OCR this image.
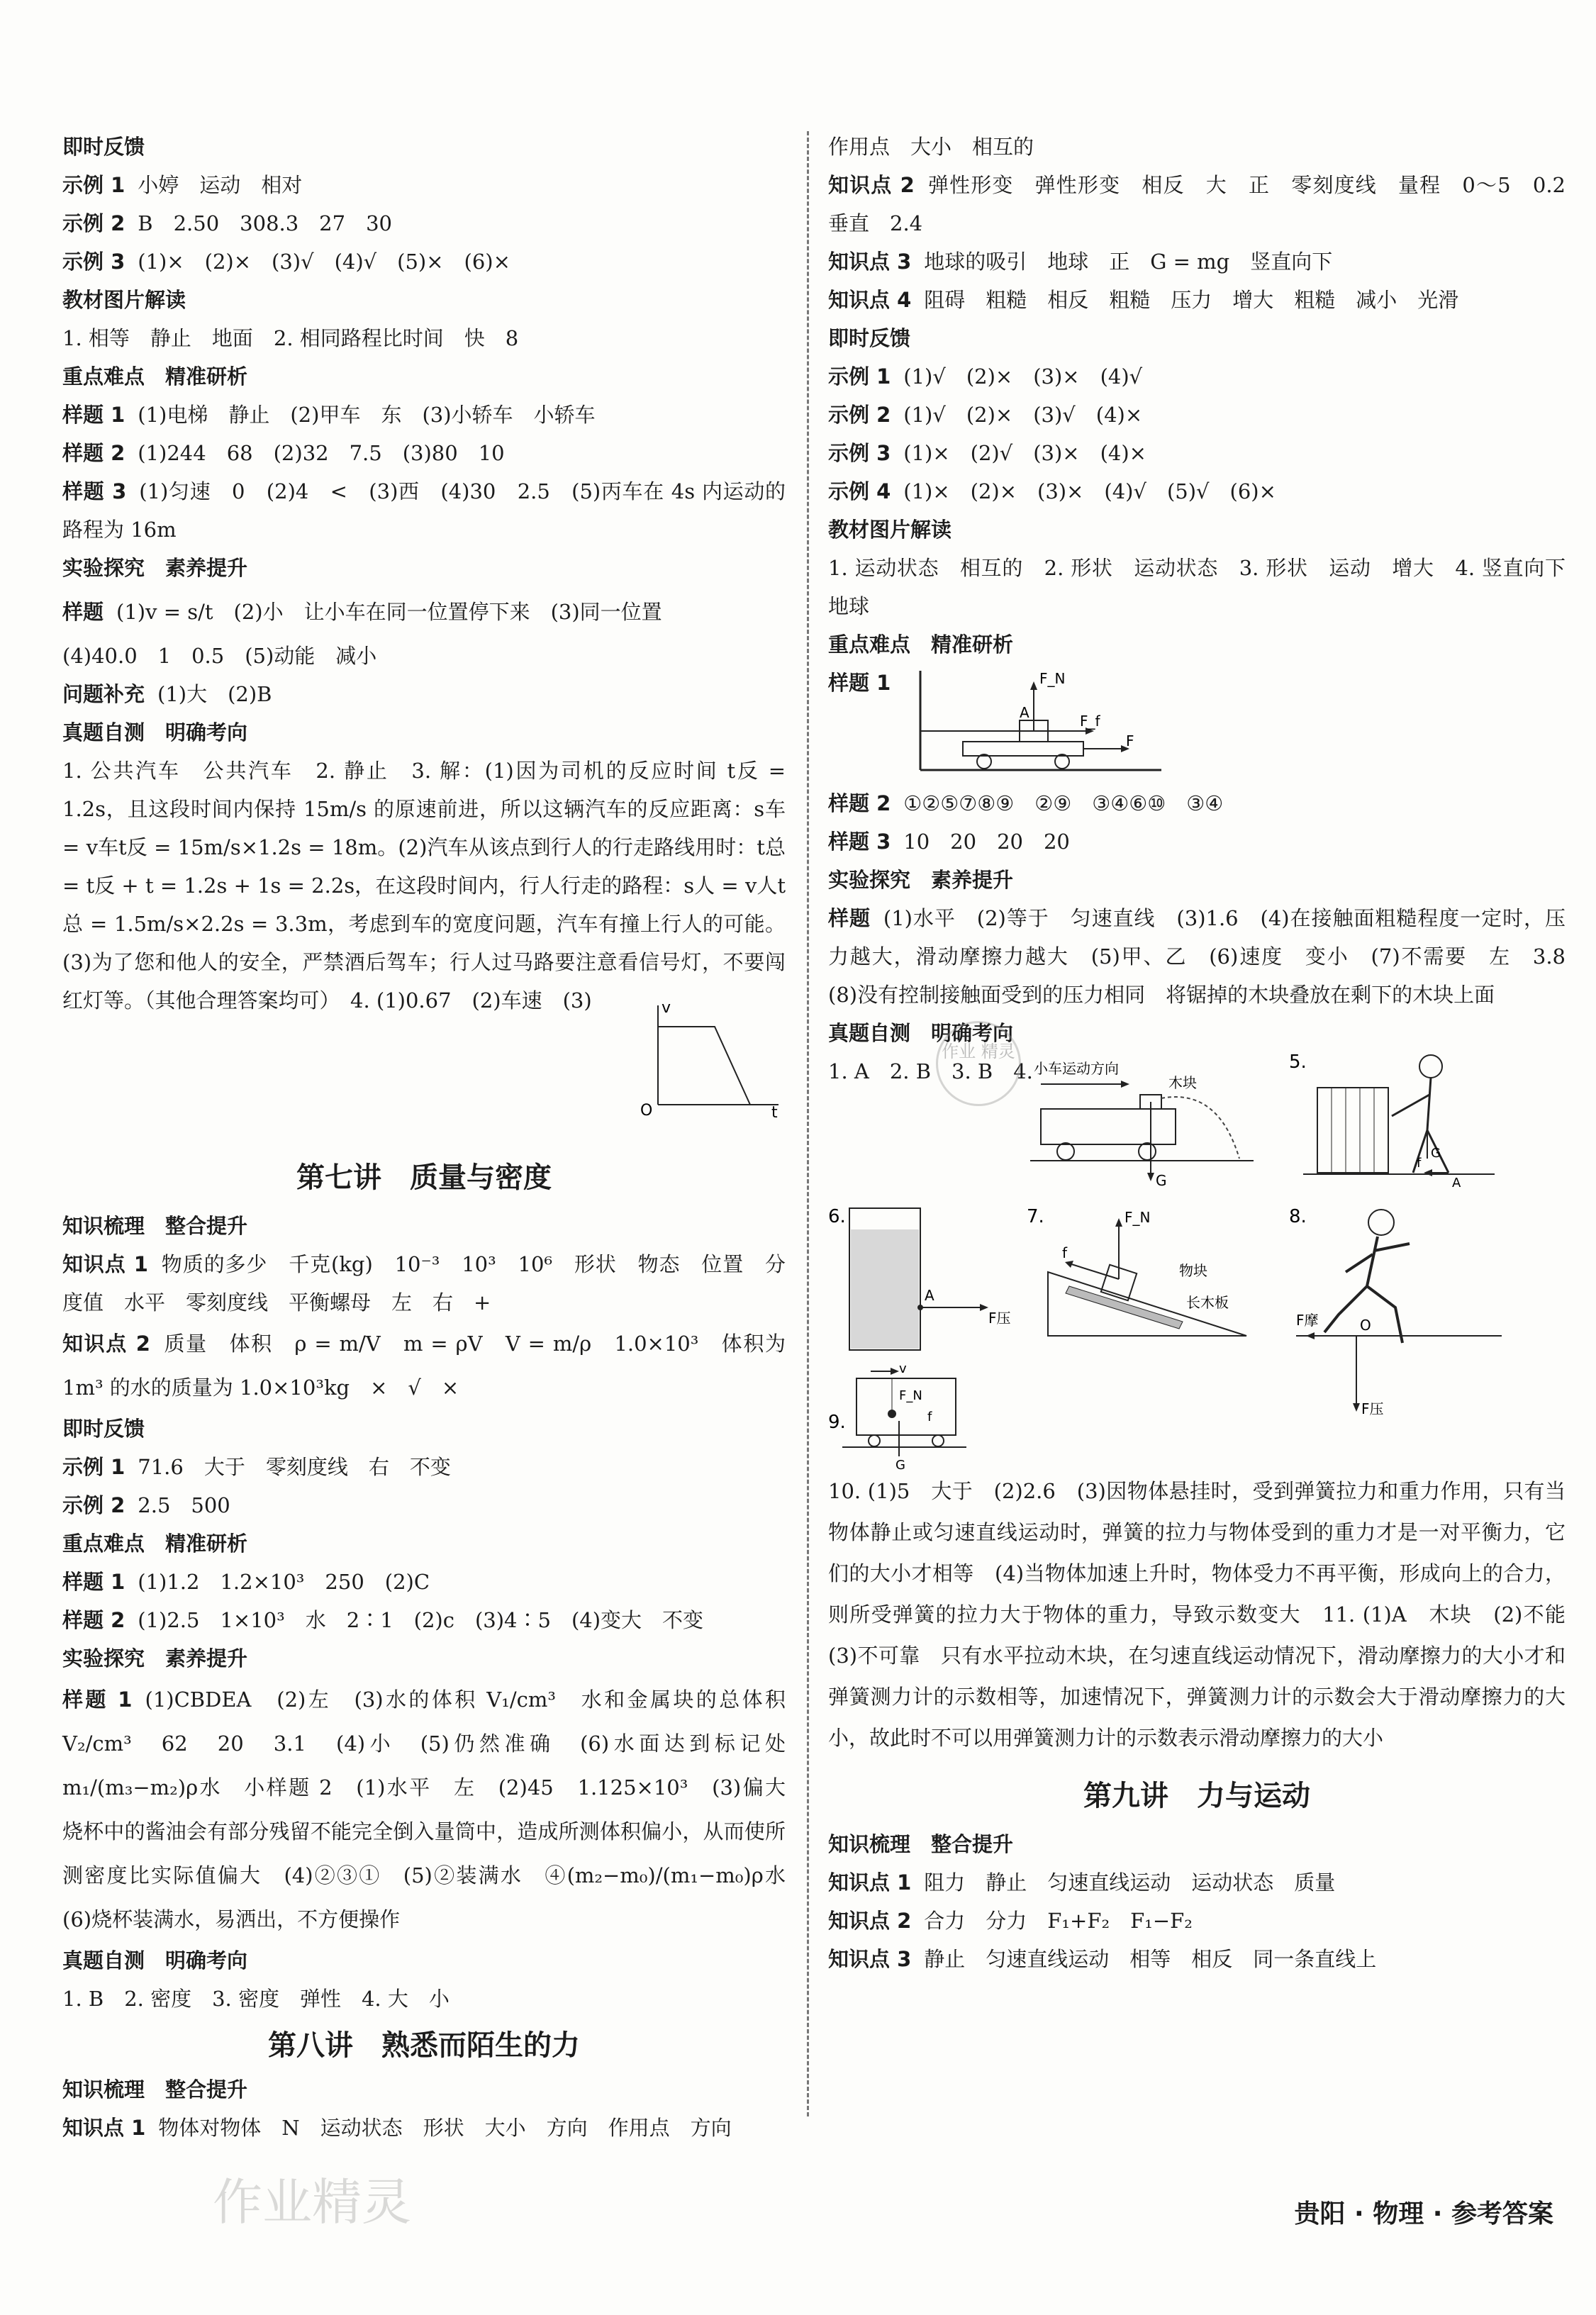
即时反馈
示例 1 小婷　运动　相对
示例 2 B　2.50　308.3　27　30
示例 3 (1)×　(2)×　(3)√　(4)√　(5)×　(6)×
教材图片解读
1. 相等　静止　地面　2. 相同路程比时间　快　8
重点难点　精准研析
样题 1 (1)电梯　静止　(2)甲车　东　(3)小轿车　小轿车
样题 2 (1)244　68　(2)32　7.5　(3)80　10
样题 3 (1)匀速　0　(2)4　<　(3)西　(4)30　2.5　(5)丙车在 4s 内运动的路程为 16m
实验探究　素养提升
样题 (1)v = s/t　(2)小　让小车在同一位置停下来　(3)同一位置
(4)40.0　1　0.5　(5)动能　减小
问题补充 (1)大　(2)B
真题自测　明确考向
1. 公共汽车　公共汽车　2. 静止　3. 解：(1)因为司机的反应时间 t反 = 1.2s，且这段时间内保持 15m/s 的原速前进，所以这辆汽车的反应距离：s车 = v车t反 = 15m/s×1.2s = 18m。(2)汽车从该点到行人的行走路线用时：t总 = t反 + t = 1.2s + 1s = 2.2s，在这段时间内，行人行走的路程：s人 = v人t总 = 1.5m/s×2.2s = 3.3m，考虑到车的宽度问题，汽车有撞上行人的可能。(3)为了您和他人的安全，严禁酒后驾车；行人过马路要注意看信号灯，不要闯红灯等。（其他合理答案均可）　4. (1)0.67　(2)车速　(3)	v
t
O
第七讲　质量与密度
知识梳理　整合提升
知识点 1 物质的多少　千克(kg)　10⁻³　10³　10⁶　形状　物态　位置　分度值　水平　零刻度线　平衡螺母　左　右　+
知识点 2 质量　体积　ρ = m/V　m = ρV　V = m/ρ　1.0×10³　体积为 1m³ 的水的质量为 1.0×10³kg　×　√　×
即时反馈
示例 1 71.6　大于　零刻度线　右　不变
示例 2 2.5　500
重点难点　精准研析
样题 1 (1)1.2　1.2×10³　250　(2)C
样题 2 (1)2.5　1×10³　水　2∶1　(2)c　(3)4∶5　(4)变大　不变
实验探究　素养提升
样题 1 (1)CBDEA　(2)左　(3)水的体积 V₁/cm³　水和金属块的总体积 V₂/cm³　62　20　3.1　(4)小　(5)仍然准确　(6)水面达到标记处　m₁/(m₃−m₂)ρ水　小样题 2　(1)水平　左　(2)45　1.125×10³　(3)偏大　烧杯中的酱油会有部分残留不能完全倒入量筒中，造成所测体积偏小，从而使所测密度比实际值偏大　(4)②③①　(5)②装满水　④(m₂−m₀)/(m₁−m₀)ρ水　(6)烧杯装满水，易洒出，不方便操作
真题自测　明确考向
1. B　2. 密度　3. 密度　弹性　4. 大　小
第八讲　熟悉而陌生的力
知识梳理　整合提升
知识点 1 物体对物体　N　运动状态　形状　大小　方向　作用点　方向
作用点　大小　相互的
知识点 2 弹性形变　弹性形变　相反　大　正　零刻度线　量程　0～5　0.2　垂直　2.4
知识点 3 地球的吸引　地球　正　G = mg　竖直向下
知识点 4 阻碍　粗糙　相反　粗糙　压力　增大　粗糙　减小　光滑
即时反馈
示例 1 (1)√　(2)×　(3)×　(4)√
示例 2 (1)√　(2)×　(3)√　(4)×
示例 3 (1)×　(2)√　(3)×　(4)×
示例 4 (1)×　(2)×　(3)×　(4)√　(5)√　(6)×
教材图片解读
1. 运动状态　相互的　2. 形状　运动状态　3. 形状　运动　增大　4. 竖直向下　地球
重点难点　精准研析
样题 1	F_N
F_f
F
A
样题 2 ①②⑤⑦⑧⑨　②⑨　③④⑥⑩　③④
样题 3 10　20　20　20
实验探究　素养提升
样题 (1)水平　(2)等于　匀速直线　(3)1.6　(4)在接触面粗糙程度一定时，压力越大，滑动摩擦力越大　(5)甲、乙　(6)速度　变小　(7)不需要　左　3.8　(8)没有控制接触面受到的压力相同　将锯掉的木块叠放在剩下的木块上面
真题自测　明确考向
1. A　2. B　3. B　4. 小车运动方向
木块
G
5.
G
f
A
6.
A
F压
7.	F_N
f
物块
长木板
8.
F摩	O
F压
9.
v
F_N
f
G
10. (1)5　大于　(2)2.6　(3)因物体悬挂时，受到弹簧拉力和重力作用，只有当物体静止或匀速直线运动时，弹簧的拉力与物体受到的重力才是一对平衡力，它们的大小才相等　(4)当物体加速上升时，物体受力不再平衡，形成向上的合力，则所受弹簧的拉力大于物体的重力，导致示数变大　11. (1)A　木块　(2)不能　(3)不可靠　只有水平拉动木块，在匀速直线运动情况下，滑动摩擦力的大小才和弹簧测力计的示数相等，加速情况下，弹簧测力计的示数会大于滑动摩擦力的大小，故此时不可以用弹簧测力计的示数表示滑动摩擦力的大小
第九讲　力与运动
知识梳理　整合提升
知识点 1 阻力　静止　匀速直线运动　运动状态　质量
知识点 2 合力　分力　F₁+F₂　F₁−F₂
知识点 3 静止　匀速直线运动　相等　相反　同一条直线上
作业精灵
作业 精灵
贵阳 · 物理 · 参考答案
